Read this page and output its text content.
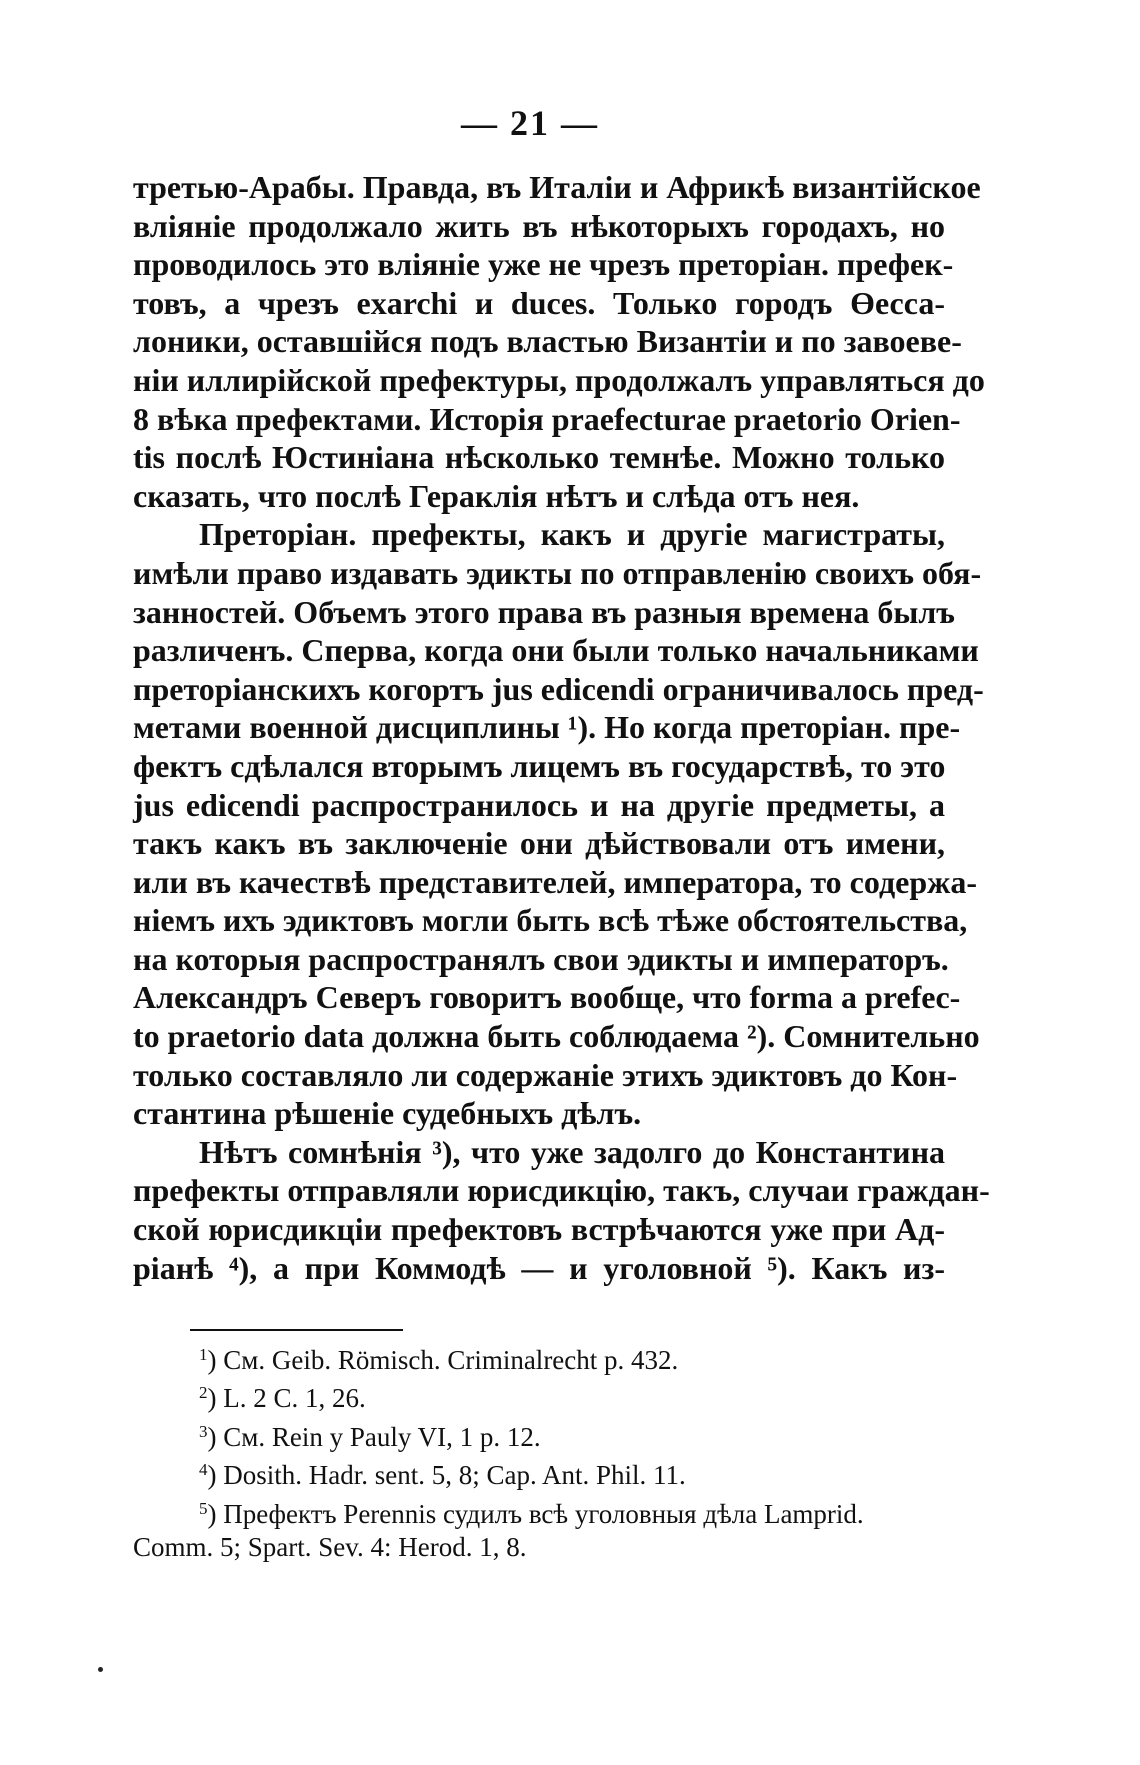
— 21 —
третью-Арабы. Правда, въ Италіи и Африкѣ византійское
вліяніе продолжало жить въ нѣкоторыхъ городахъ, но
проводилось это вліяніе уже не чрезъ преторіан. префек-
товъ, а чрезъ exarchi и duces. Только городъ Өесса-
лоники, оставшійся подъ властью Византіи и по завоеве-
ніи иллирійской префектуры, продолжалъ управляться до
8 вѣка префектами. Исторія praefecturae praetorio Orien-
tis послѣ Юстиніана нѣсколько темнѣе. Можно только
сказать, что послѣ Гераклія нѣтъ и слѣда отъ нея.
Преторіан. префекты, какъ и другіе магистраты,
имѣли право издавать эдикты по отправленію своихъ обя-
занностей. Объемъ этого права въ разныя времена былъ
различенъ. Сперва, когда они были только начальниками
преторіанскихъ когортъ jus edicendi ограничивалось пред-
метами военной дисциплины ¹). Но когда преторіан. пре-
фектъ сдѣлался вторымъ лицемъ въ государствѣ, то это
jus edicendi распространилось и на другіе предметы, а
такъ какъ въ заключеніе они дѣйствовали отъ имени,
или въ качествѣ представителей, императора, то содержа-
ніемъ ихъ эдиктовъ могли быть всѣ тѣже обстоятельства,
на которыя распространялъ свои эдикты и императоръ.
Александръ Северъ говоритъ вообще, что forma a prefec-
to praetorio data должна быть соблюдаема ²). Сомнительно
только составляло ли содержаніе этихъ эдиктовъ до Кон-
стантина рѣшеніе судебныхъ дѣлъ.
Нѣтъ сомнѣнія ³), что уже задолго до Константина
префекты отправляли юрисдикцію, такъ, случаи граждан-
ской юрисдикціи префектовъ встрѣчаются уже при Ад-
ріанѣ ⁴), а при Коммодѣ — и уголовной ⁵). Какъ из-
$^1$) См. Geib. Römisch. Criminalrecht p. 432.
$^2$) L. 2 C. 1, 26.
$^3$) См. Rein y Pauly VI, 1 p. 12.
$^4$) Dosith. Hadr. sent. 5, 8; Cap. Ant. Phil. 11.
$^5$) Префектъ Perennis судилъ всѣ уголовныя дѣла Lamprid.
Comm. 5; Spart. Sev. 4: Herod. 1, 8.
